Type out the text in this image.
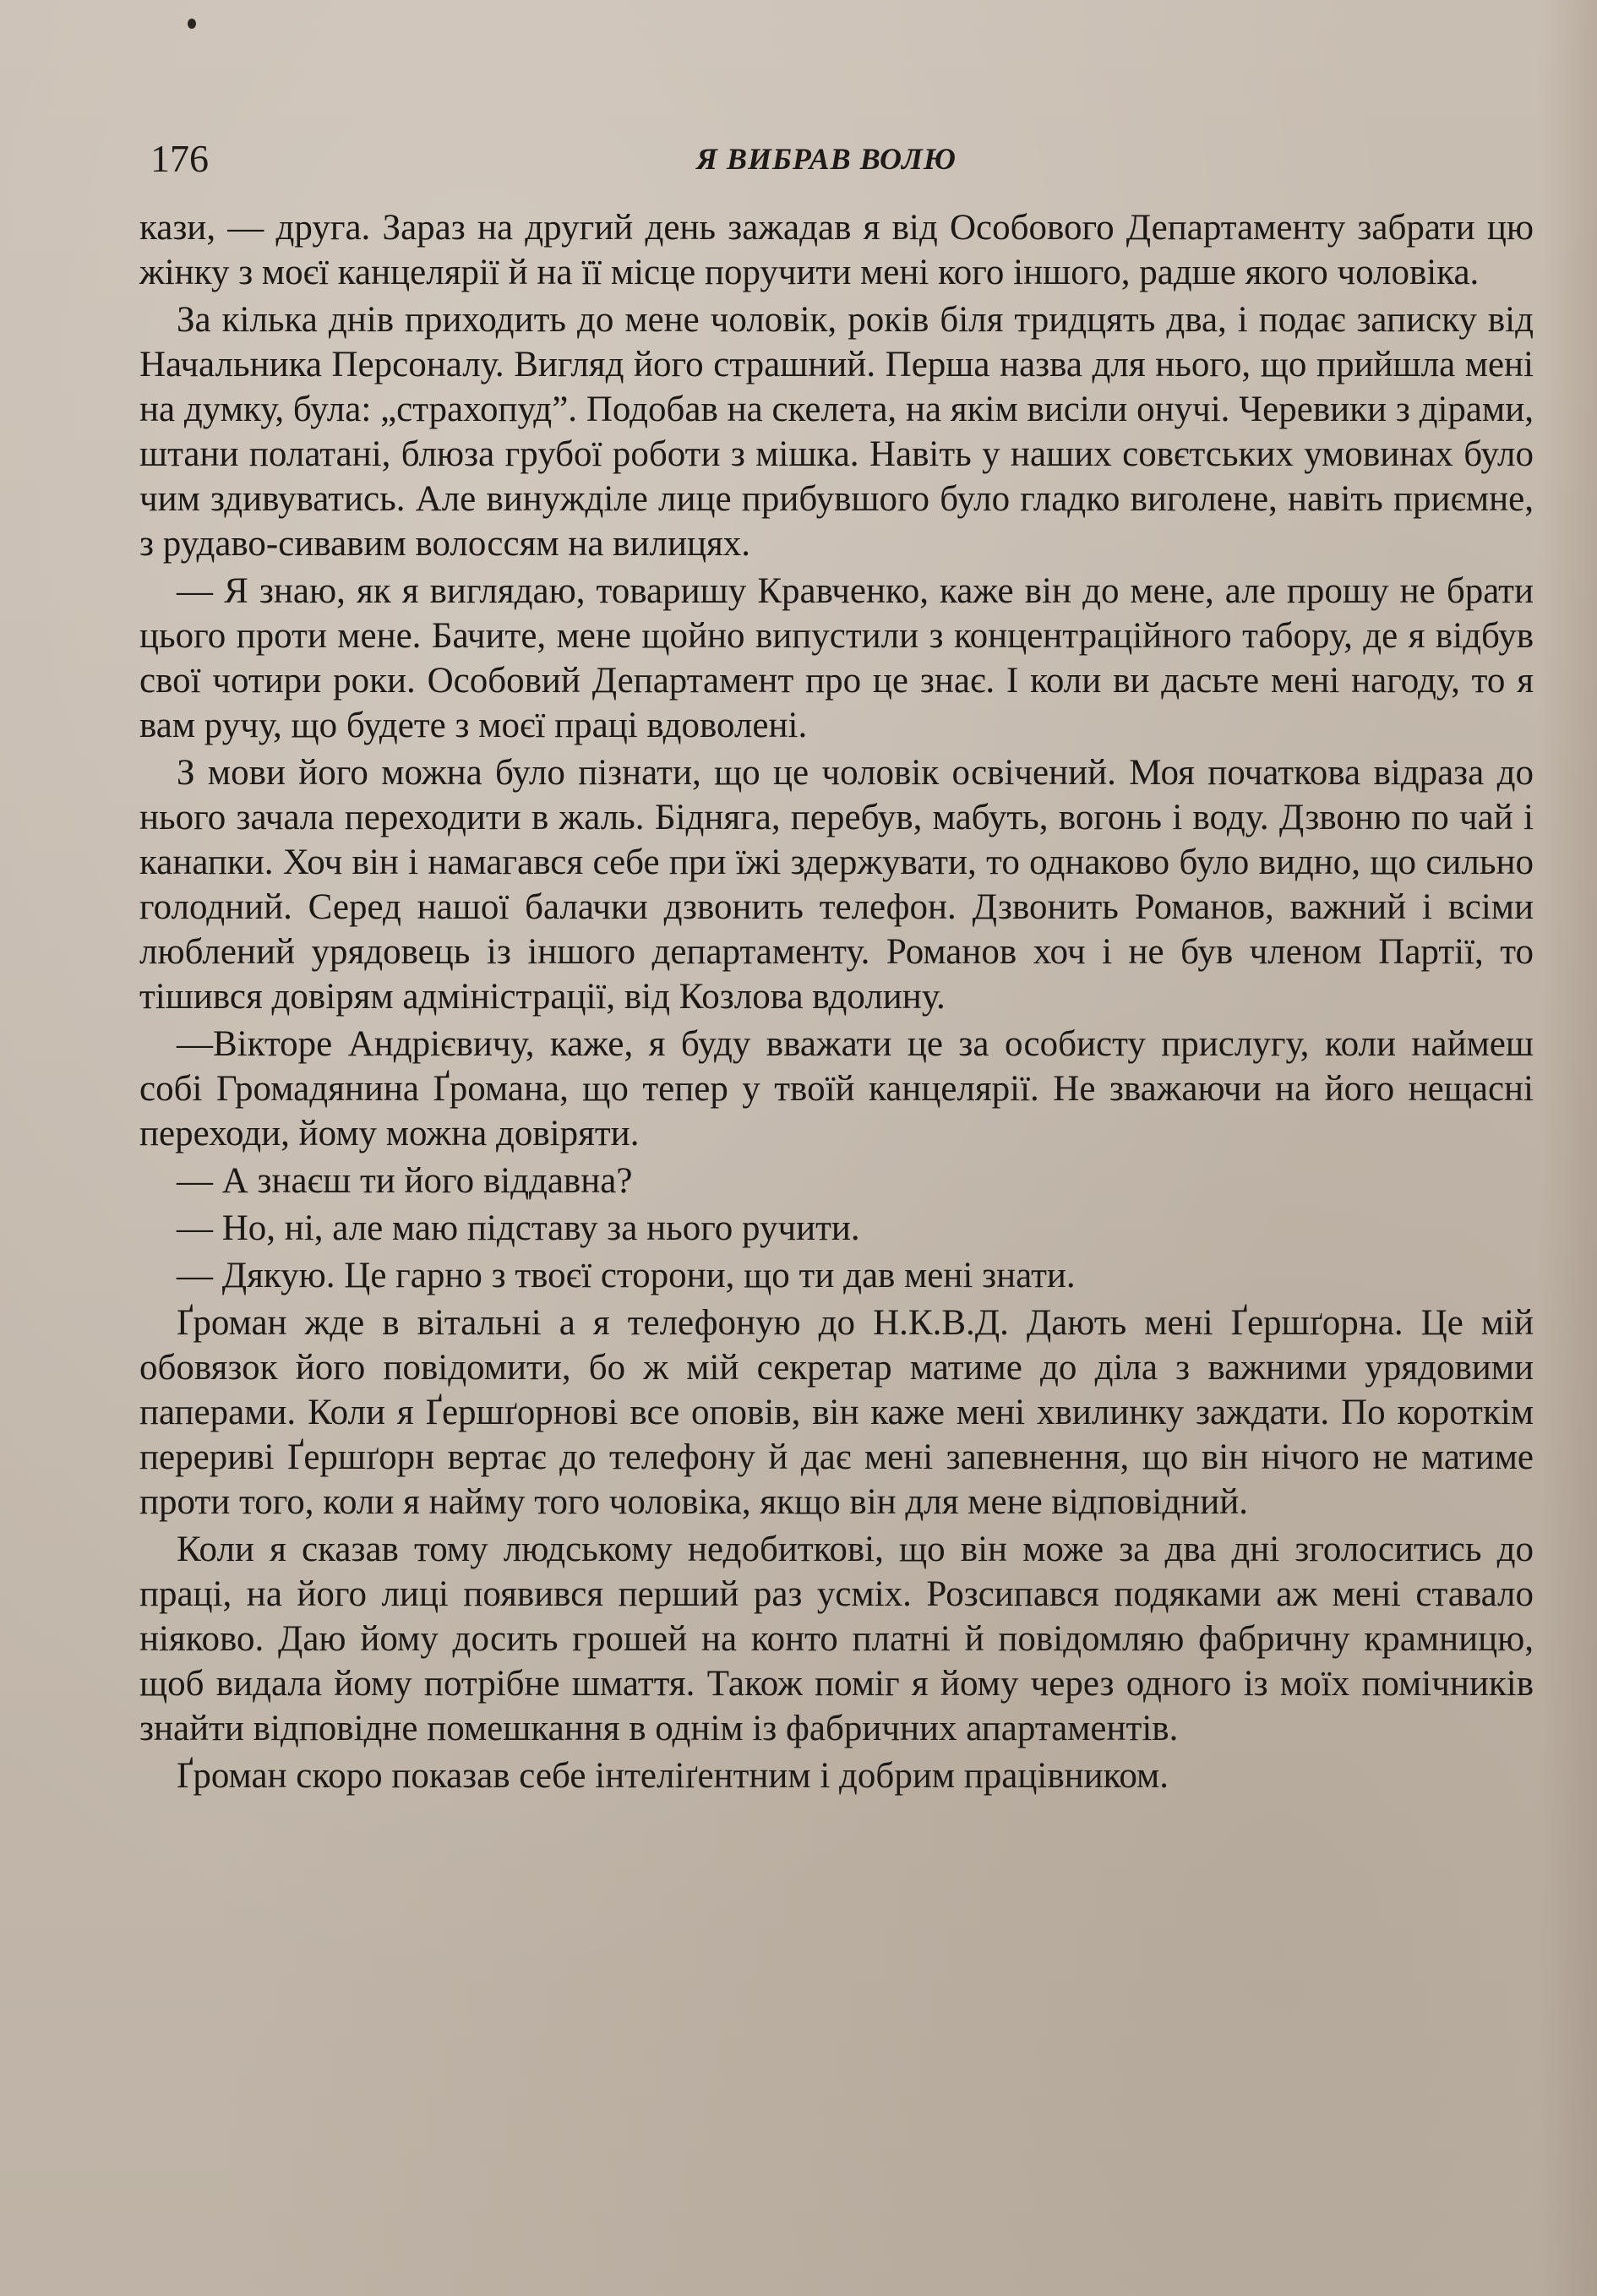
176	Я ВИБРАВ ВОЛЮ

кази, — друга. Зараз на другий день зажадав я від Особового Департаменту забрати цю жінку з моєї канцелярії й на її місце поручити мені кого іншого, радше якого чоловіка.

За кілька днів приходить до мене чоловік, років біля тридцять два, і подає записку від Начальника Персоналу. Вигляд його страшний. Перша назва для нього, що прийшла мені на думку, була: „страхопуд”. Подобав на скелета, на якім висіли онучі. Черевики з дірами, штани полатані, блюза грубої роботи з мішка. Навіть у наших совєтських умовинах було чим здивуватись. Але винуждiле лице прибувшого було гладко виголене, навіть приємне, з рудаво-сивавим волоссям на вилицях.

— Я знаю, як я виглядаю, товаришу Кравченко, каже він до мене, але прошу не брати цього проти мене. Бачите, мене щойно випустили з концентраційного табору, де я відбув свої чотири роки. Особовий Департамент про це знає. І коли ви дасьте мені нагоду, то я вам ручу, що будете з моєї праці вдоволені.

З мови його можна було пізнати, що це чоловік освічений. Моя початкова відраза до нього зачала переходити в жаль. Бідняга, перебув, мабуть, вогонь і воду. Дзвоню по чай і канапки. Хоч він і намагався себе при їжі здержувати, то однаково було видно, що сильно голодний. Серед нашої балачки дзвонить телефон. Дзвонить Романов, важний і всіми люблений урядовець із іншого департаменту. Романов хоч і не був членом Партії, то тішився довірям адміністрації, від Козлова вдолину.

—Вікторе Андрієвичу, каже, я буду вважати це за особисту прислугу, коли наймеш собі Громадянина Ґромана, що тепер у твоїй канцелярії. Не зважаючи на його нещасні переходи, йому можна довіряти.

— А знаєш ти його віддавна?

— Но, ні, але маю підставу за нього ручити.

— Дякую. Це гарно з твоєї сторони, що ти дав мені знати.

Ґроман жде в вітальні а я телефоную до Н.К.В.Д. Дають мені Ґершґорна. Це мій обовязок його повідомити, бо ж мій секретар матиме до діла з важними урядовими паперами. Коли я Ґершґорнові все оповів, він каже мені хвилинку заждати. По короткім перериві Ґершґорн вертає до телефону й дає мені запевнення, що він нічого не матиме проти того, коли я найму того чоловіка, якщо він для мене відповідний.

Коли я сказав тому людському недобиткові, що він може за два дні зголоситись до праці, на його лиці появився перший раз усміх. Розсипався подяками аж мені ставало ніяково. Даю йому досить грошей на конто платні й повідомляю фабричну крамницю, щоб видала йому потрібне шмаття. Також поміг я йому через одного із моїх помічників знайти відповідне помешкання в однім із фабричних апартаментів.

Ґроман скоро показав себе інтеліґентним і добрим працівником.
